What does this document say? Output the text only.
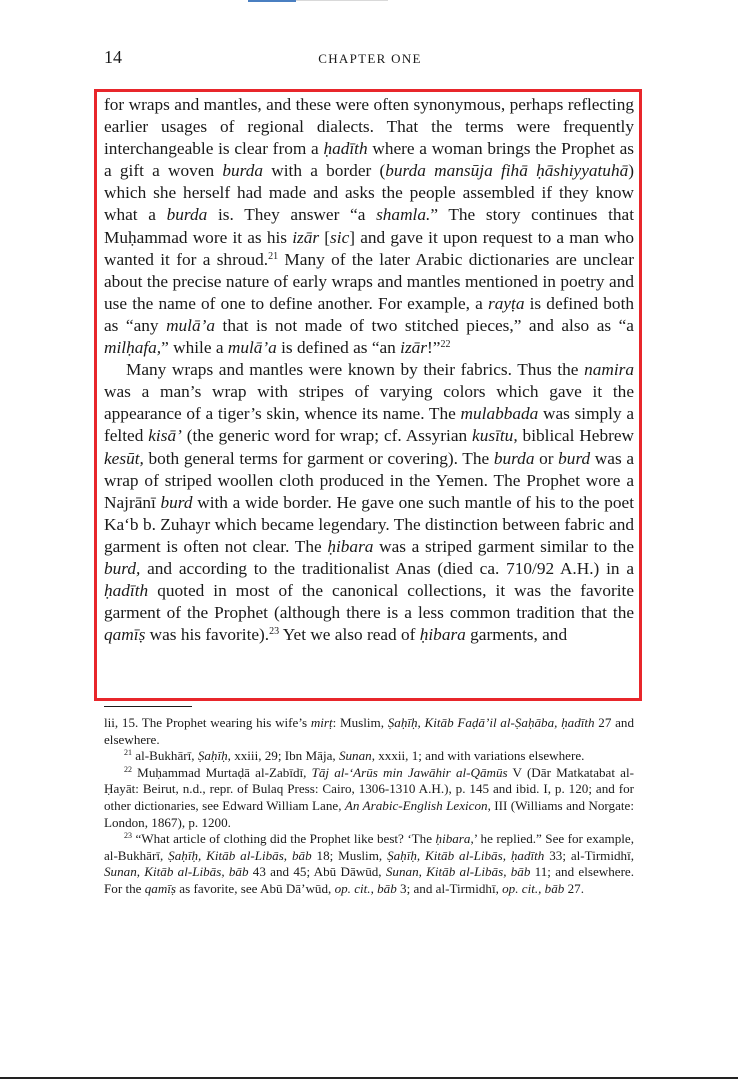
14	CHAPTER ONE

for wraps and mantles, and these were often synonymous, perhaps reflecting earlier usages of regional dialects. That the terms were frequently interchangeable is clear from a ḥadīth where a woman brings the Prophet as a gift a woven burda with a border (burda mansūja fihā ḥāshiyyatuhā) which she herself had made and asks the people assembled if they know what a burda is. They answer “a shamla.” The story continues that Muḥammad wore it as his izār [sic] and gave it upon request to a man who wanted it for a shroud.$^{21}$ Many of the later Arabic dictionaries are unclear about the precise nature of early wraps and mantles mentioned in poetry and use the name of one to define another. For example, a rayṭa is defined both as “any mulā’a that is not made of two stitched pieces,” and also as “a milḥafa,” while a mulā’a is defined as “an izār!”$^{22}$

Many wraps and mantles were known by their fabrics. Thus the namira was a man’s wrap with stripes of varying colors which gave it the appearance of a tiger’s skin, whence its name. The mulabbada was simply a felted kisā’ (the generic word for wrap; cf. Assyrian kusītu, biblical Hebrew kesūt, both general terms for garment or covering). The burda or burd was a wrap of striped woollen cloth produced in the Yemen. The Prophet wore a Najrānī burd with a wide border. He gave one such mantle of his to the poet Ka‘b b. Zuhayr which became legendary. The distinction between fabric and garment is often not clear. The ḥibara was a striped garment similar to the burd, and according to the traditionalist Anas (died ca. 710/92 A.H.) in a ḥadīth quoted in most of the canonical collections, it was the favorite garment of the Prophet (although there is a less common tradition that the qamīṣ was his favorite).$^{23}$ Yet we also read of ḥibara garments, and

lii, 15. The Prophet wearing his wife’s mirṭ: Muslim, Ṣaḥīḥ, Kitāb Faḍā’il al-Ṣaḥāba, ḥadīth 27 and elsewhere.

$^{21}$ al-Bukhārī, Ṣaḥīḥ, xxiii, 29; Ibn Māja, Sunan, xxxii, 1; and with variations elsewhere.

$^{22}$ Muḥammad Murtaḍā al-Zabīdī, Tāj al-‘Arūs min Jawāhir al-Qāmūs V (Dār Matkatabat al-Ḥayāt: Beirut, n.d., repr. of Bulaq Press: Cairo, 1306-1310 A.H.), p. 145 and ibid. I, p. 120; and for other dictionaries, see Edward William Lane, An Arabic-English Lexicon, III (Williams and Norgate: London, 1867), p. 1200.

$^{23}$ “What article of clothing did the Prophet like best? ‘The ḥibara,’ he replied.” See for example, al-Bukhārī, Ṣaḥīḥ, Kitāb al-Libās, bāb 18; Muslim, Ṣaḥīḥ, Kitāb al-Libās, ḥadīth 33; al-Tirmidhī, Sunan, Kitāb al-Libās, bāb 43 and 45; Abū Dāwūd, Sunan, Kitāb al-Libās, bāb 11; and elsewhere. For the qamīṣ as favorite, see Abū Dā’wūd, op. cit., bāb 3; and al-Tirmidhī, op. cit., bāb 27.
